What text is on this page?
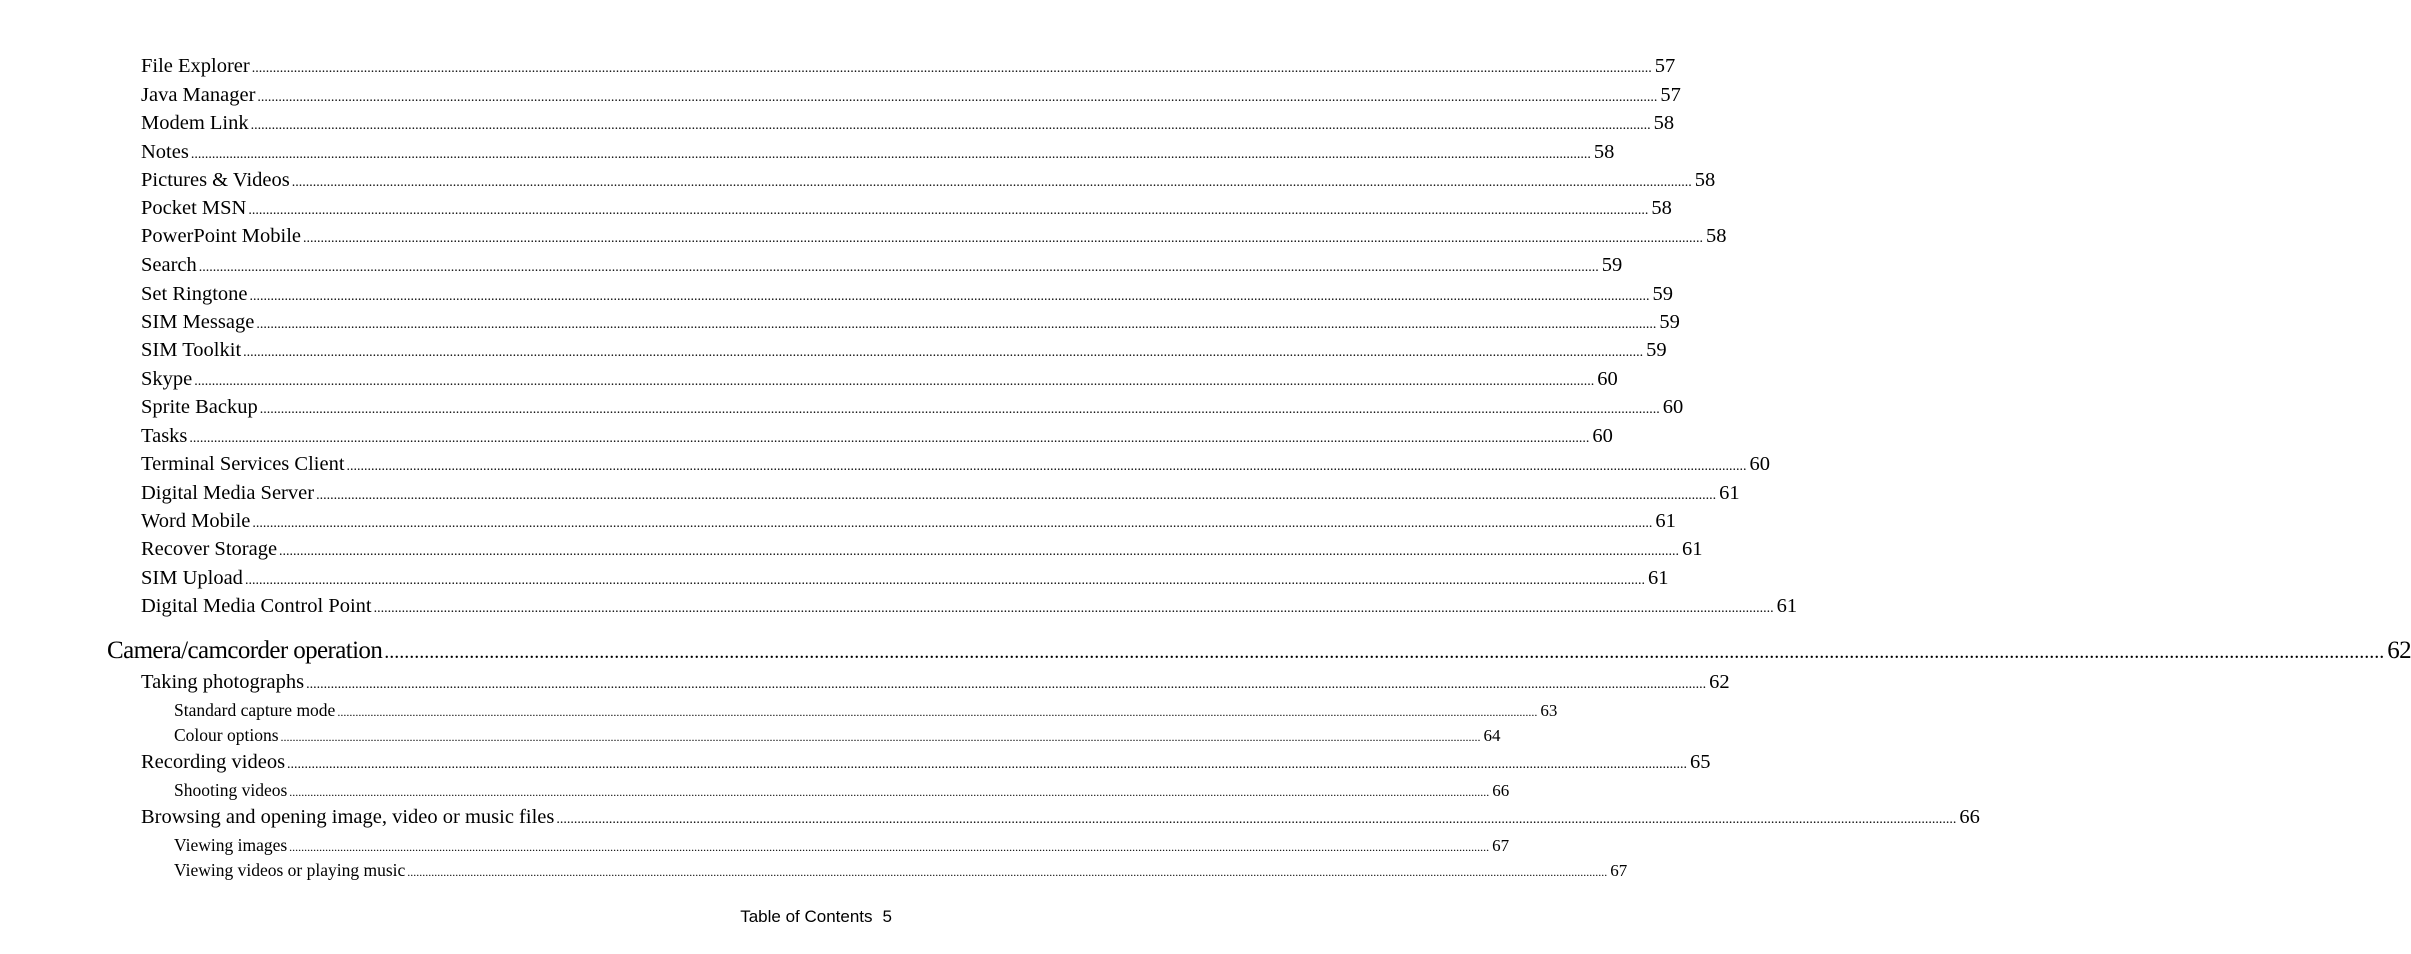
File Explorer ................................................................................................................................................................................................................................................................................................................................................................................................................ 57
Java Manager ................................................................................................................................................................................................................................................................................................................................................................................................................ 57
Modem Link ................................................................................................................................................................................................................................................................................................................................................................................................................ 58
Notes ................................................................................................................................................................................................................................................................................................................................................................................................................ 58
Pictures & Videos ................................................................................................................................................................................................................................................................................................................................................................................................................ 58
Pocket MSN ................................................................................................................................................................................................................................................................................................................................................................................................................ 58
PowerPoint Mobile ................................................................................................................................................................................................................................................................................................................................................................................................................ 58
Search ................................................................................................................................................................................................................................................................................................................................................................................................................ 59
Set Ringtone ................................................................................................................................................................................................................................................................................................................................................................................................................ 59
SIM Message ................................................................................................................................................................................................................................................................................................................................................................................................................ 59
SIM Toolkit ................................................................................................................................................................................................................................................................................................................................................................................................................ 59
Skype ................................................................................................................................................................................................................................................................................................................................................................................................................ 60
Sprite Backup ................................................................................................................................................................................................................................................................................................................................................................................................................ 60
Tasks ................................................................................................................................................................................................................................................................................................................................................................................................................ 60
Terminal Services Client ................................................................................................................................................................................................................................................................................................................................................................................................................ 60
Digital Media Server ................................................................................................................................................................................................................................................................................................................................................................................................................ 61
Word Mobile ................................................................................................................................................................................................................................................................................................................................................................................................................ 61
Recover Storage ................................................................................................................................................................................................................................................................................................................................................................................................................ 61
SIM Upload ................................................................................................................................................................................................................................................................................................................................................................................................................ 61
Digital Media Control Point ................................................................................................................................................................................................................................................................................................................................................................................................................ 61
Camera/camcorder operation ................................................................................................................................................................................................................................................................................................................................................................................................................ 62
Taking photographs ................................................................................................................................................................................................................................................................................................................................................................................................................ 62
Standard capture mode ................................................................................................................................................................................................................................................................................................................................................................................................................ 63
Colour options ................................................................................................................................................................................................................................................................................................................................................................................................................ 64
Recording videos ................................................................................................................................................................................................................................................................................................................................................................................................................ 65
Shooting videos ................................................................................................................................................................................................................................................................................................................................................................................................................ 66
Browsing and opening image, video or music files ................................................................................................................................................................................................................................................................................................................................................................................................................ 66
Viewing images ................................................................................................................................................................................................................................................................................................................................................................................................................ 67
Viewing videos or playing music ................................................................................................................................................................................................................................................................................................................................................................................................................ 67
Table of Contents 5
